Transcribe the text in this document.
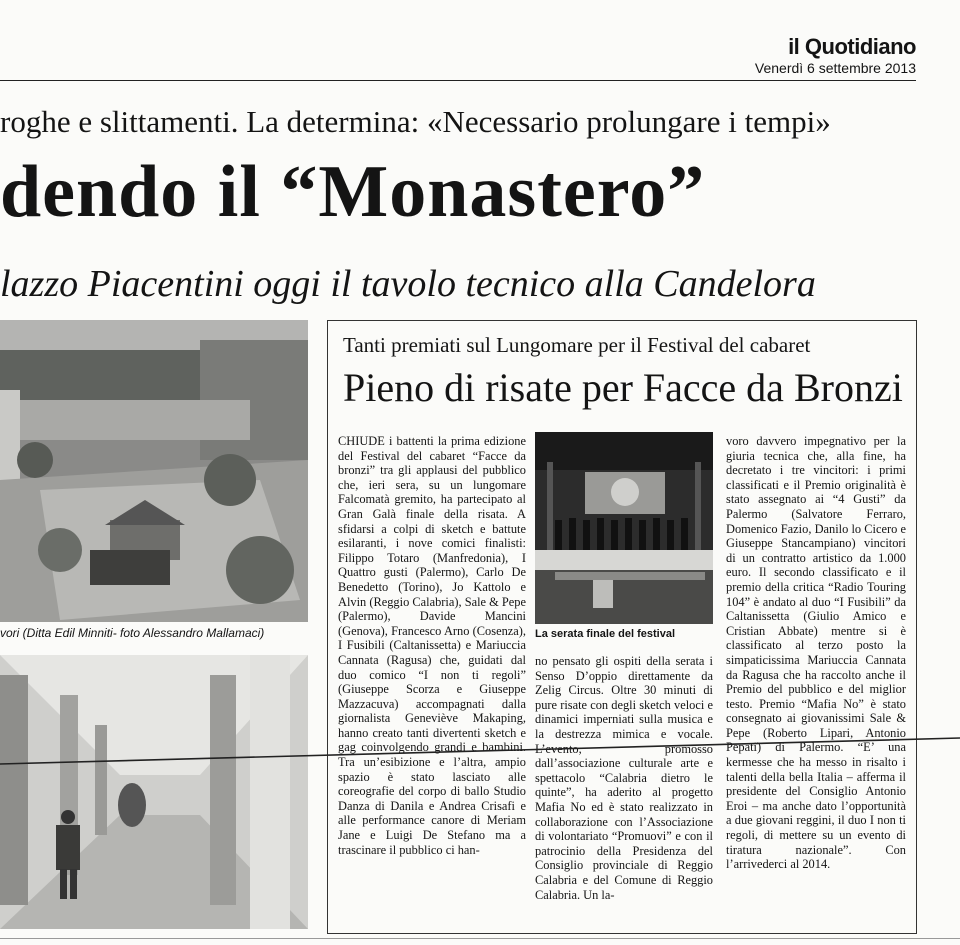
il Quotidiano
Venerdì 6 settembre 2013
roghe e slittamenti. La determina: «Necessario prolungare i tempi»
dendo il “Monastero”
lazzo Piacentini oggi il tavolo tecnico alla Candelora
vori (Ditta Edil Minniti- foto Alessandro Mallamaci)
Tanti premiati sul Lungomare per il Festival del cabaret
Pieno di risate per Facce da Bronzi

CHIUDE i battenti la prima edizione del Festival del cabaret “Facce da bronzi” tra gli applausi del pubblico che, ieri sera, su un lungomare Falcomatà gremito, ha partecipato al Gran Galà finale della risata. A sfidarsi a colpi di sketch e battute esilaranti, i nove comici finalisti: Filippo Totaro (Manfredonia), I Quattro gusti (Palermo), Carlo De Benedetto (Torino), Jo Kattolo e Alvin (Reggio Calabria), Sale & Pepe (Palermo), Davide Mancini (Genova), Francesco Arno (Cosenza), I Fusibili (Caltanissetta) e Mariuccia Cannata (Ragusa) che, guidati dal duo comico “I non ti regoli” (Giuseppe Scorza e Giuseppe Mazzacuva) accompagnati dalla giornalista Geneviève Makaping, hanno creato tanti divertenti sketch e gag coinvolgendo grandi e bambini. Tra un’esibizione e l’altra, ampio spazio è stato lasciato alle coreografie del corpo di ballo Studio Danza di Danila e Andrea Crisafi e alle performance canore di Meriam Jane e Luigi De Stefano ma a trascinare il pubblico ci han-

La serata finale del festival

no pensato gli ospiti della serata i Senso D’oppio direttamente da Zelig Circus. Oltre 30 minuti di pure risate con degli sketch veloci e dinamici imperniati sulla musica e la destrezza mimica e vocale. L’evento, promosso dall’associazione culturale arte e spettacolo “Calabria dietro le quinte”, ha aderito al progetto Mafia No ed è stato realizzato in collaborazione con l’Associazione di volontariato “Promuovi” e con il patrocinio della Presidenza del Consiglio provinciale di Reggio Calabria e del Comune di Reggio Calabria. Un la-

voro davvero impegnativo per la giuria tecnica che, alla fine, ha decretato i tre vincitori: i primi classificati e il Premio originalità è stato assegnato ai “4 Gusti” da Palermo (Salvatore Ferraro, Domenico Fazio, Danilo lo Cicero e Giuseppe Stancampiano) vincitori di un contratto artistico da 1.000 euro. Il secondo classificato e il premio della critica “Radio Touring 104” è andato al duo “I Fusibili” da Caltanissetta (Giulio Amico e Cristian Abbate) mentre si è classificato al terzo posto la simpaticissima Mariuccia Cannata da Ragusa che ha raccolto anche il Premio del pubblico e del miglior testo. Premio “Mafia No” è stato consegnato ai giovanissimi Sale & Pepe (Roberto Lipari, Antonio Pepati) di Palermo. “E’ una kermesse che ha messo in risalto i talenti della bella Italia – afferma il presidente del Consiglio Antonio Eroi – ma anche dato l’opportunità a due giovani reggini, il duo I non ti regoli, di mettere su un evento di tiratura nazionale”. Con l’arrivederci al 2014.
